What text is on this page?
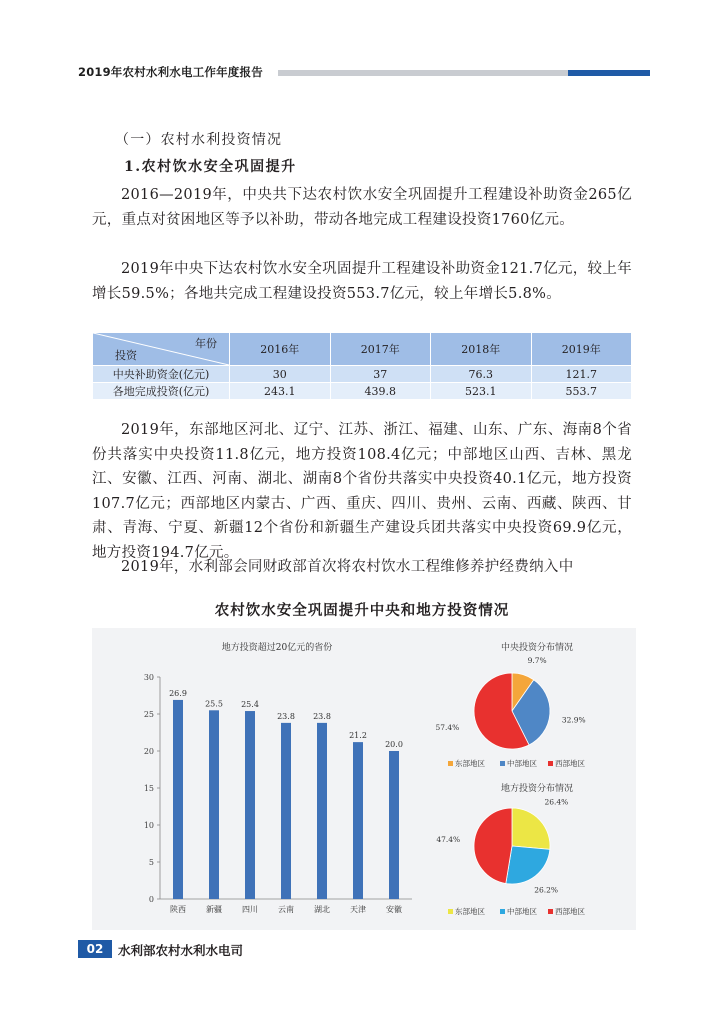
2019年农村水利水电工作年度报告
（一）农村水利投资情况
1.农村饮水安全巩固提升

2016—2019年，中央共下达农村饮水安全巩固提升工程建设补助资金265亿元，重点对贫困地区等予以补助，带动各地完成工程建设投资1760亿元。

2019年中央下达农村饮水安全巩固提升工程建设补助资金121.7亿元，较上年增长59.5%；各地共完成工程建设投资553.7亿元，较上年增长5.8%。

年份
投资	2016年	2017年	2018年	2019年
中央补助资金(亿元)	30	37	76.3	121.7
各地完成投资(亿元)	243.1	439.8	523.1	553.7

2019年，东部地区河北、辽宁、江苏、浙江、福建、山东、广东、海南8个省份共落实中央投资11.8亿元，地方投资108.4亿元；中部地区山西、吉林、黑龙江、安徽、江西、河南、湖北、湖南8个省份共落实中央投资40.1亿元，地方投资107.7亿元；西部地区内蒙古、广西、重庆、四川、贵州、云南、西藏、陕西、甘肃、青海、宁夏、新疆12个省份和新疆生产建设兵团共落实中央投资69.9亿元，地方投资194.7亿元。

2019年，水利部会同财政部首次将农村饮水工程维修养护经费纳入中

农村饮水安全巩固提升中央和地方投资情况
地方投资超过20亿元的省份
0
5
10
15
20
25
30
26.9
陕西
25.5
新疆
25.4
四川
23.8
云南
23.8
湖北
21.2
天津
20.0
安徽
中央投资分布情况
9.7%
32.9%
57.4%
东部地区	中部地区 西部地区
地方投资分布情况
26.4%
26.2%
47.4%
东部地区	中部地区 西部地区
02	水利部农村水利水电司
